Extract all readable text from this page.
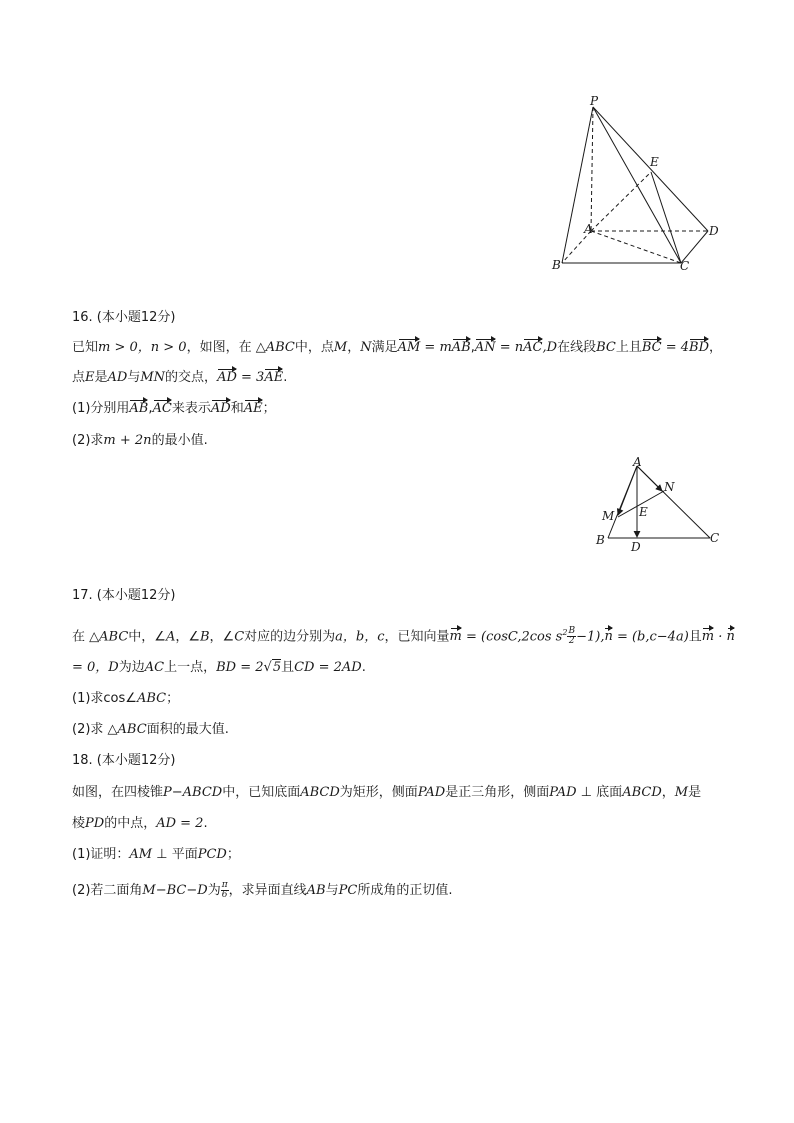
P
E
A	D
B	C
16. (本小题12分)
已知m > 0，n > 0，如图，在 △ABC中，点M，N满足AM = mAB,AN = nAC,D在线段BC上且BC = 4BD，
点E是AD与MN的交点，AD = 3AE.
(1)分别用AB,AC来表示AD和AE；
(2)求m + 2n的最小值.
A
N
M E
B D
C
17. (本小题12分)
在 △ABC中，∠A，∠B，∠C对应的边分别为a，b，c，已知向量m = (cosC,2cos $s^2 \frac{B}{2} -1),n = (b,c-4a)$且m · n
= 0，D为边AC上一点，BD = 2√5且CD = 2AD.
(1)求cos∠ABC；
(2)求 △ABC面积的最大值.
18. (本小题12分)
如图，在四棱锥P−ABCD中，已知底面ABCD为矩形，侧面PAD是正三角形，侧面PAD ⊥ 底面ABCD，M是
棱PD的中点，AD = 2.
(1)证明：AM ⊥ 平面PCD；
(2)若二面角M−BC−D为 $\frac{\pi}{6}$ ，求异面直线AB与PC所成角的正切值.
